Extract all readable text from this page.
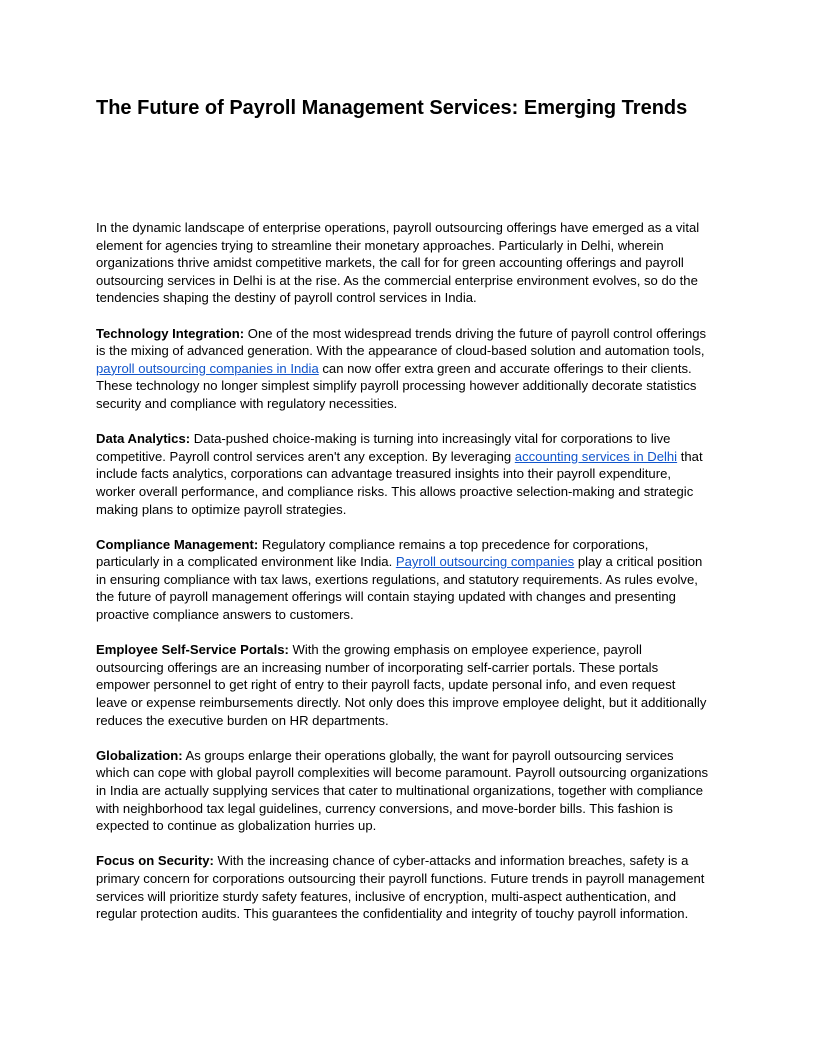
The Future of Payroll Management Services: Emerging Trends
In the dynamic landscape of enterprise operations, payroll outsourcing offerings have emerged as a vital
element for agencies trying to streamline their monetary approaches. Particularly in Delhi, wherein
organizations thrive amidst competitive markets, the call for for green accounting offerings and payroll
outsourcing services in Delhi is at the rise. As the commercial enterprise environment evolves, so do the
tendencies shaping the destiny of payroll control services in India.
Technology Integration: One of the most widespread trends driving the future of payroll control offerings
is the mixing of advanced generation. With the appearance of cloud-based solution and automation tools,
payroll outsourcing companies in India can now offer extra green and accurate offerings to their clients.
These technology no longer simplest simplify payroll processing however additionally decorate statistics
security and compliance with regulatory necessities.
Data Analytics: Data-pushed choice-making is turning into increasingly vital for corporations to live
competitive. Payroll control services aren't any exception. By leveraging accounting services in Delhi that
include facts analytics, corporations can advantage treasured insights into their payroll expenditure,
worker overall performance, and compliance risks. This allows proactive selection-making and strategic
making plans to optimize payroll strategies.
Compliance Management: Regulatory compliance remains a top precedence for corporations,
particularly in a complicated environment like India. Payroll outsourcing companies play a critical position
in ensuring compliance with tax laws, exertions regulations, and statutory requirements. As rules evolve,
the future of payroll management offerings will contain staying updated with changes and presenting
proactive compliance answers to customers.
Employee Self-Service Portals: With the growing emphasis on employee experience, payroll
outsourcing offerings are an increasing number of incorporating self-carrier portals. These portals
empower personnel to get right of entry to their payroll facts, update personal info, and even request
leave or expense reimbursements directly. Not only does this improve employee delight, but it additionally
reduces the executive burden on HR departments.
Globalization: As groups enlarge their operations globally, the want for payroll outsourcing services
which can cope with global payroll complexities will become paramount. Payroll outsourcing organizations
in India are actually supplying services that cater to multinational organizations, together with compliance
with neighborhood tax legal guidelines, currency conversions, and move-border bills. This fashion is
expected to continue as globalization hurries up.
Focus on Security: With the increasing chance of cyber-attacks and information breaches, safety is a
primary concern for corporations outsourcing their payroll functions. Future trends in payroll management
services will prioritize sturdy safety features, inclusive of encryption, multi-aspect authentication, and
regular protection audits. This guarantees the confidentiality and integrity of touchy payroll information.
